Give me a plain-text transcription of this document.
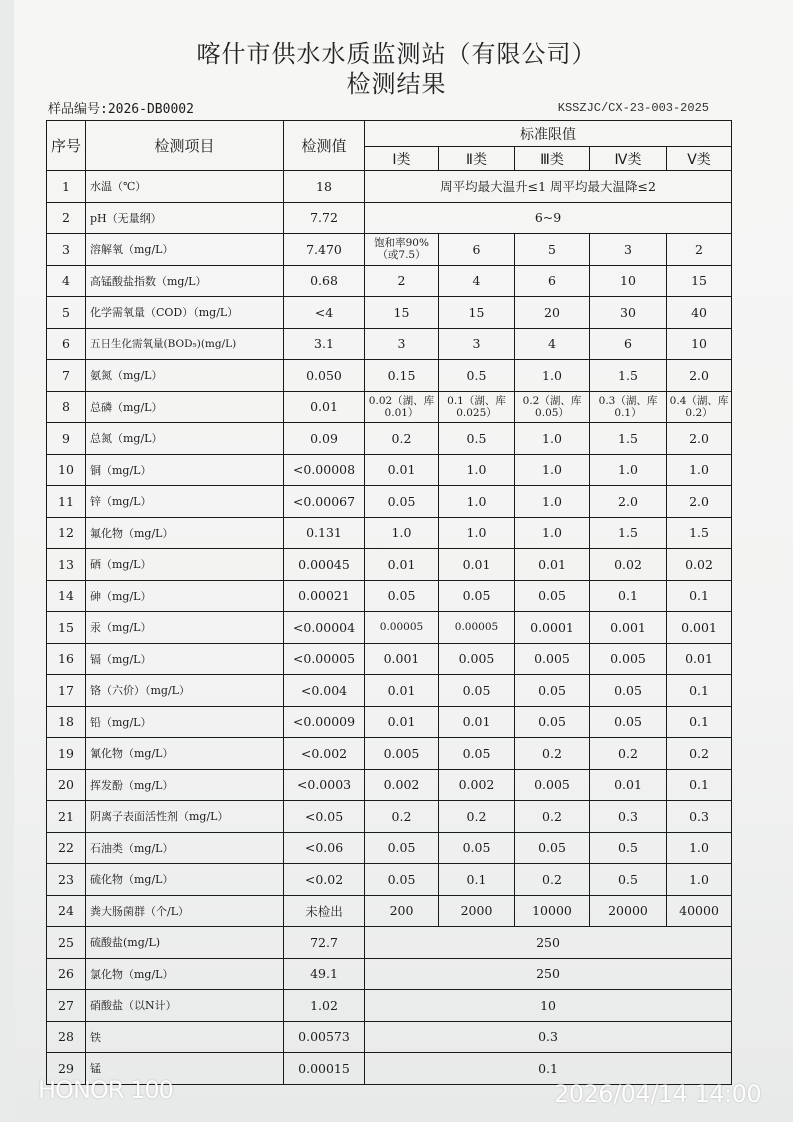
喀什市供水水质监测站（有限公司）
检测结果
样品编号:2026-DB0002	KSSZJC/CX-23-003-2025
序号	检测项目	检测值	标准限值				
			Ⅰ类	Ⅱ类	Ⅲ类	Ⅳ类	Ⅴ类
1	水温（℃）	18	周平均最大温升≤1 周平均最大温降≤2				
2	pH（无量纲）	7.72	6~9				
3	溶解氧（mg/L）	7.470	饱和率90%（或7.5）	6	5	3	2
4	高锰酸盐指数（mg/L）	0.68	2	4	6	10	15
5	化学需氧量（COD）（mg/L）	<4	15	15	20	30	40
6	五日生化需氧量(BOD₅)(mg/L)	3.1	3	3	4	6	10
7	氨氮（mg/L）	0.050	0.15	0.5	1.0	1.5	2.0
8	总磷（mg/L）	0.01	0.02（湖、库0.01）	0.1（湖、库0.025）	0.2（湖、库0.05）	0.3（湖、库0.1）	0.4（湖、库0.2）
9	总氮（mg/L）	0.09	0.2	0.5	1.0	1.5	2.0
10	铜（mg/L）	<0.00008	0.01	1.0	1.0	1.0	1.0
11	锌（mg/L）	<0.00067	0.05	1.0	1.0	2.0	2.0
12	氟化物（mg/L）	0.131	1.0	1.0	1.0	1.5	1.5
13	硒（mg/L）	0.00045	0.01	0.01	0.01	0.02	0.02
14	砷（mg/L）	0.00021	0.05	0.05	0.05	0.1	0.1
15	汞（mg/L）	<0.00004	0.00005	0.00005	0.0001	0.001	0.001
16	镉（mg/L）	<0.00005	0.001	0.005	0.005	0.005	0.01
17	铬（六价）（mg/L）	<0.004	0.01	0.05	0.05	0.05	0.1
18	铅（mg/L）	<0.00009	0.01	0.01	0.05	0.05	0.1
19	氰化物（mg/L）	<0.002	0.005	0.05	0.2	0.2	0.2
20	挥发酚（mg/L）	<0.0003	0.002	0.002	0.005	0.01	0.1
21	阴离子表面活性剂（mg/L）	<0.05	0.2	0.2	0.2	0.3	0.3
22	石油类（mg/L）	<0.06	0.05	0.05	0.05	0.5	1.0
23	硫化物（mg/L）	<0.02	0.05	0.1	0.2	0.5	1.0
24	粪大肠菌群（个/L）	未检出	200	2000	10000	20000	40000
25	硫酸盐(mg/L)	72.7	250				
26	氯化物（mg/L）	49.1	250				
27	硝酸盐（以N计）	1.02	10				
28	铁	0.00573	0.3				
29	锰	0.00015	0.1				
HONOR 100	2026/04/14 14:00
